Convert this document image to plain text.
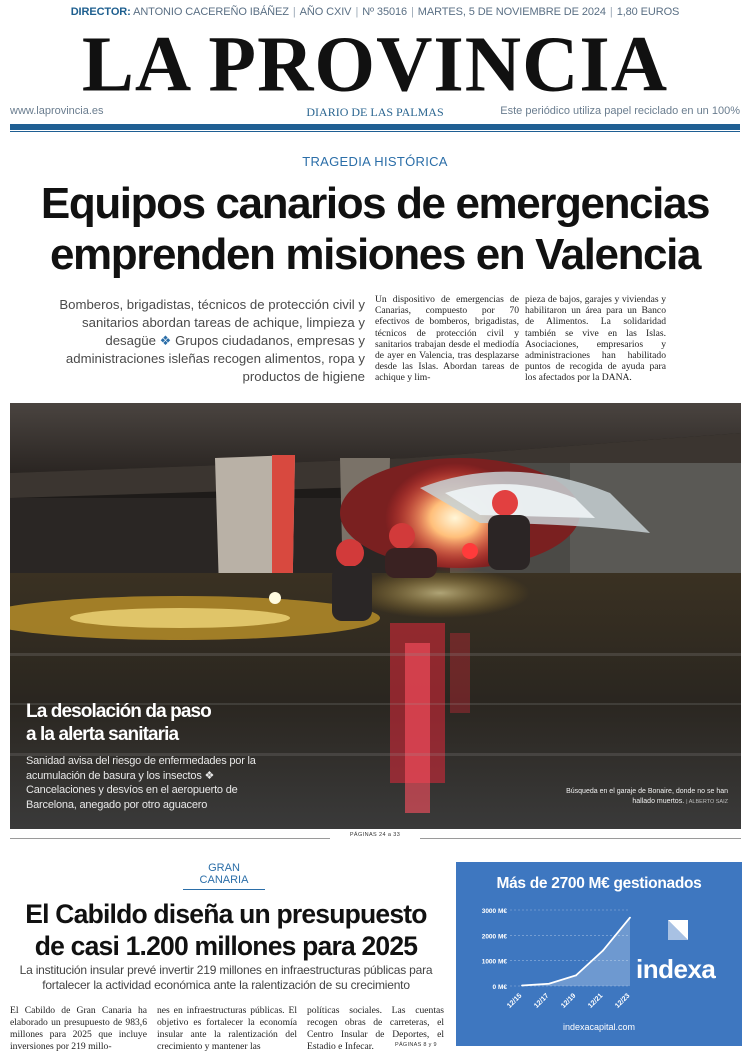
DIRECTOR: ANTONIO CACEREÑO IBÁÑEZ | AÑO CXIV | Nº 35016 | MARTES, 5 DE NOVIEMBRE DE 2024 | 1,80 EUROS
LA PROVINCIA
www.laprovincia.es	DIARIO DE LAS PALMAS	Este periódico utiliza papel reciclado en un 100%
TRAGEDIA HISTÓRICA
Equipos canarios de emergencias
emprenden misiones en Valencia
Bomberos, brigadistas, técnicos de protección civil y sanitarios abordan tareas de achique, limpieza y desagüe ❖ Grupos ciudadanos, empresas y administraciones isleñas recogen alimentos, ropa y productos de higiene
Un dispositivo de emergencias de Canarias, compuesto por 70 efectivos de bomberos, brigadistas, técnicos de protección civil y sanitarios trabajan desde el mediodía de ayer en Valencia, tras desplazarse desde las Islas. Abordan tareas de achique y lim-
pieza de bajos, garajes y viviendas y habilitaron un área para un Banco de Alimentos. La solidaridad también se vive en las Islas. Asociaciones, empresarios y administraciones han habilitado puntos de recogida de ayuda para los afectados por la DANA.
La desolación da paso
a la alerta sanitaria
Sanidad avisa del riesgo de enfermedades por la acumulación de basura y los insectos ❖ Cancelaciones y desvíos en el aeropuerto de Barcelona, anegado por otro aguacero
Búsqueda en el garaje de Bonaire, donde no se han hallado muertos. | ALBERTO SAIZ
PÁGINAS 24 a 33
GRAN CANARIA
El Cabildo diseña un presupuesto
de casi 1.200 millones para 2025
La institución insular prevé invertir 219 millones en infraestructuras públicas para fortalecer la actividad económica ante la ralentización de su crecimiento
El Cabildo de Gran Canaria ha elaborado un presupuesto de 983,6 millones para 2025 que incluye inversiones por 219 millo-
nes en infraestructuras públicas. El objetivo es fortalecer la economía insular ante la ralentización del crecimiento y mantener las
políticas sociales. Las cuentas recogen obras de carreteras, el Centro Insular de Deportes, el Estadio e Infecar.	PÁGINAS 8 y 9
Más de 2700 M€ gestionados
0 M€
1000 M€
2000 M€
3000 M€
12/15 12/17 12/19 12/21 12/23
indexa
indexacapital.com
